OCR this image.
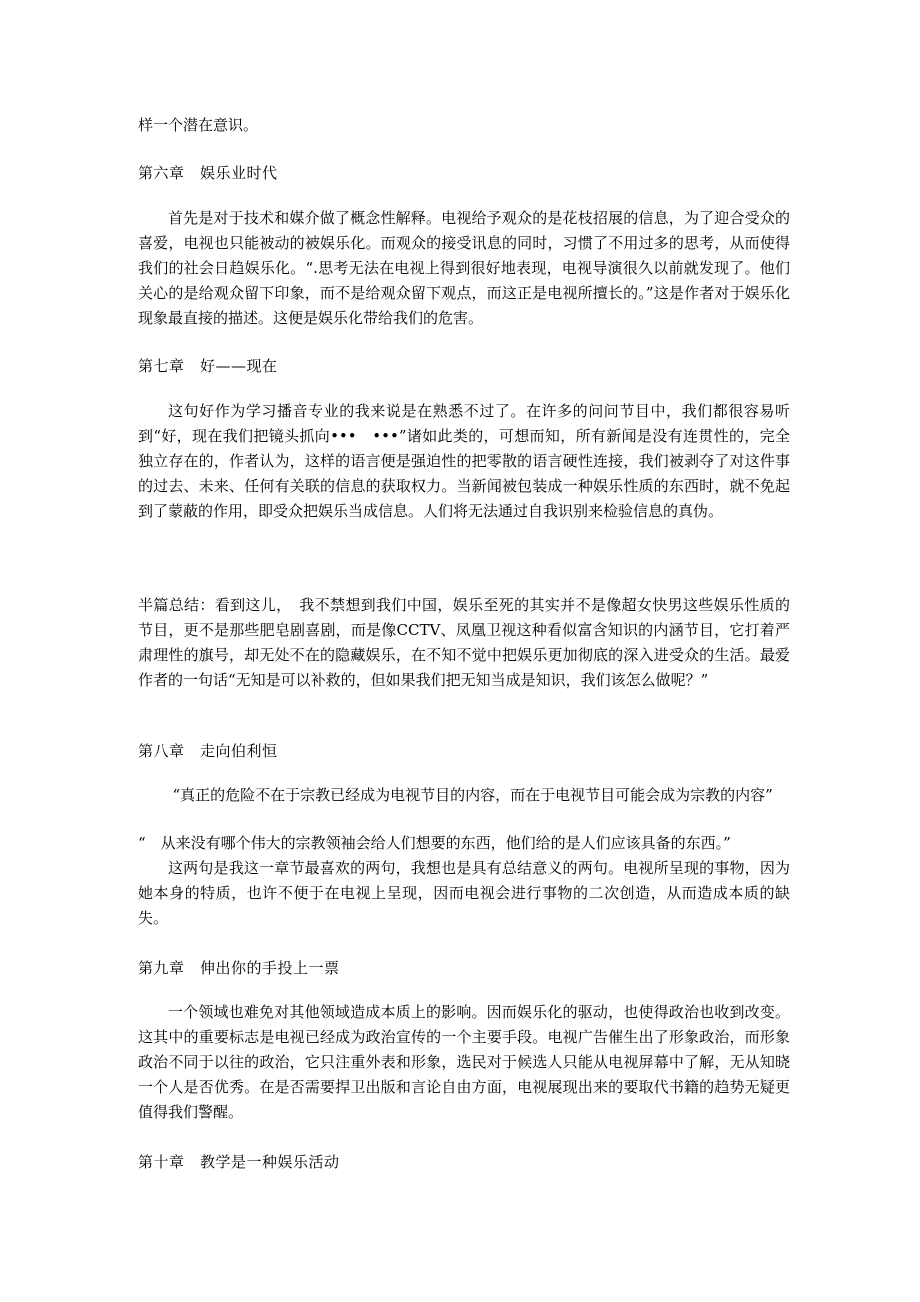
样一个潜在意识。
第六章　娱乐业时代
首先是对于技术和媒介做了概念性解释。电视给予观众的是花枝招展的信息，为了迎合受众的喜爱，电视也只能被动的被娱乐化。而观众的接受讯息的同时，习惯了不用过多的思考，从而使得我们的社会日趋娱乐化。“.思考无法在电视上得到很好地表现，电视导演很久以前就发现了。他们关心的是给观众留下印象，而不是给观众留下观点，而这正是电视所擅长的。”这是作者对于娱乐化现象最直接的描述。这便是娱乐化带给我们的危害。
第七章　好——现在
这句好作为学习播音专业的我来说是在熟悉不过了。在许多的问问节目中，我们都很容易听到“好，现在我们把镜头抓向•••　•••”诸如此类的，可想而知，所有新闻是没有连贯性的，完全独立存在的，作者认为，这样的语言便是强迫性的把零散的语言硬性连接，我们被剥夺了对这件事的过去、未来、任何有关联的信息的获取权力。当新闻被包装成一种娱乐性质的东西时，就不免起到了蒙蔽的作用，即受众把娱乐当成信息。人们将无法通过自我识别来检验信息的真伪。
半篇总结：看到这儿，　我不禁想到我们中国，娱乐至死的其实并不是像超女快男这些娱乐性质的节目，更不是那些肥皂剧喜剧，而是像CCTV、凤凰卫视这种看似富含知识的内涵节目，它打着严肃理性的旗号，却无处不在的隐藏娱乐，在不知不觉中把娱乐更加彻底的深入进受众的生活。最爱作者的一句话“无知是可以补救的，但如果我们把无知当成是知识，我们该怎么做呢？”
第八章　走向伯利恒
“真正的危险不在于宗教已经成为电视节目的内容，而在于电视节目可能会成为宗教的内容”
“　从来没有哪个伟大的宗教领袖会给人们想要的东西，他们给的是人们应该具备的东西。”
这两句是我这一章节最喜欢的两句，我想也是具有总结意义的两句。电视所呈现的事物，因为她本身的特质，也许不便于在电视上呈现，因而电视会进行事物的二次创造，从而造成本质的缺失。
第九章　伸出你的手投上一票
一个领域也难免对其他领域造成本质上的影响。因而娱乐化的驱动，也使得政治也收到改变。这其中的重要标志是电视已经成为政治宣传的一个主要手段。电视广告催生出了形象政治，而形象政治不同于以往的政治，它只注重外表和形象，选民对于候选人只能从电视屏幕中了解，无从知晓一个人是否优秀。在是否需要捍卫出版和言论自由方面，电视展现出来的要取代书籍的趋势无疑更值得我们警醒。
第十章　教学是一种娱乐活动
